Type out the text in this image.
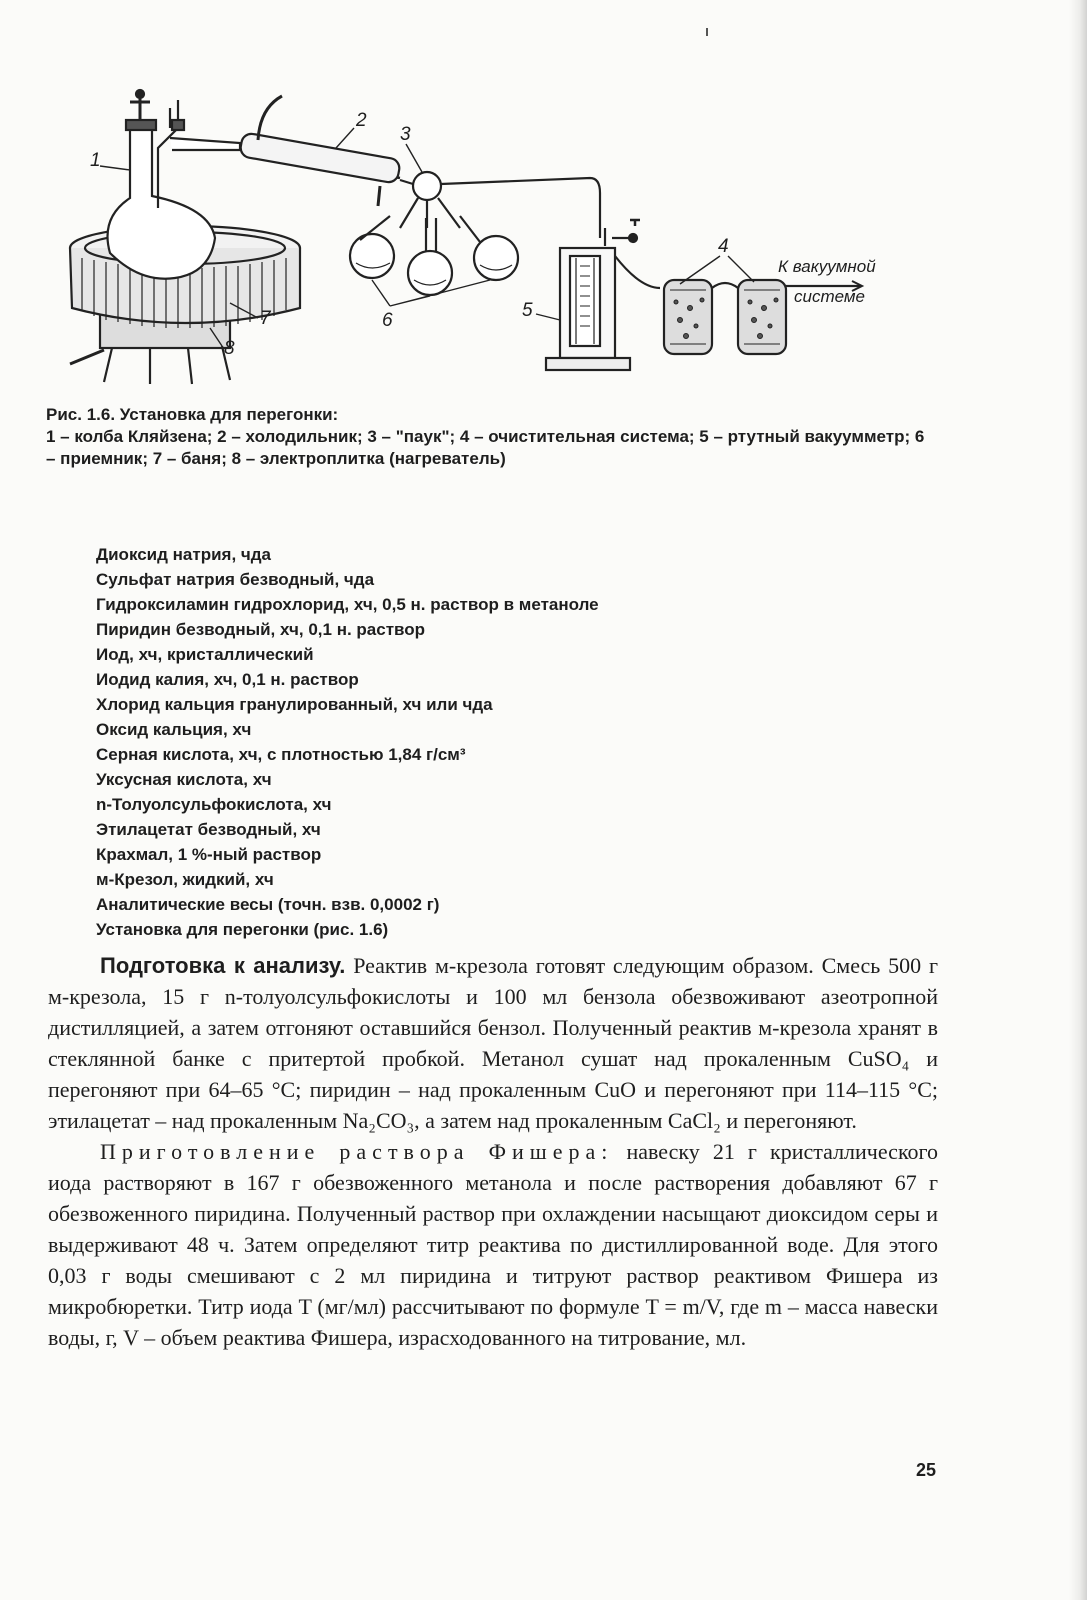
1
2
3
4
5
6
7
8
К вакуумной
системе

Рис. 1.6. Установка для перегонки:

1 – колба Кляйзена; 2 – холодильник; 3 – "паук"; 4 – очистительная система; 5 – ртутный вакуумметр; 6 – приемник; 7 – баня; 8 – электроплитка (нагреватель)

Диоксид натрия, чда
Сульфат натрия безводный, чда
Гидроксиламин гидрохлорид, хч, 0,5 н. раствор в метаноле
Пиридин безводный, хч, 0,1 н. раствор
Иод, хч, кристаллический
Иодид калия, хч, 0,1 н. раствор
Хлорид кальция гранулированный, хч или чда
Оксид кальция, хч
Серная кислота, хч, с плотностью 1,84 г/см³
Уксусная кислота, хч
n-Толуолсульфокислота, хч
Этилацетат безводный, хч
Крахмал, 1 %-ный раствор
м-Крезол, жидкий, хч
Аналитические весы (точн. взв. 0,0002 г)
Установка для перегонки (рис. 1.6)

Подготовка к анализу. Реактив м-крезола готовят следующим образом. Смесь 500 г м-крезола, 15 г n-толуолсульфокислоты и 100 мл бензола обезвоживают азеотропной дистилляцией, а затем отгоняют оставшийся бензол. Полученный реактив м-крезола хранят в стеклянной банке с притертой пробкой. Метанол сушат над прокаленным CuSO₄ и перегоняют при 64–65 °С; пиридин – над прокаленным CuO и перегоняют при 114–115 °С; этилацетат – над прокаленным Na₂CO₃, а затем над прокаленным CaCl₂ и перегоняют.

Приготовление раствора Фишера: навеску 21 г кристаллического иода растворяют в 167 г обезвоженного метанола и после растворения добавляют 67 г обезвоженного пиридина. Полученный раствор при охлаждении насыщают диоксидом серы и выдерживают 48 ч. Затем определяют титр реактива по дистиллированной воде. Для этого 0,03 г воды смешивают с 2 мл пиридина и титруют раствор реактивом Фишера из микробюретки. Титр иода T (мг/мл) рассчитывают по формуле T = m/V, где m – масса навески воды, г, V – объем реактива Фишера, израсходованного на титрование, мл.

25
